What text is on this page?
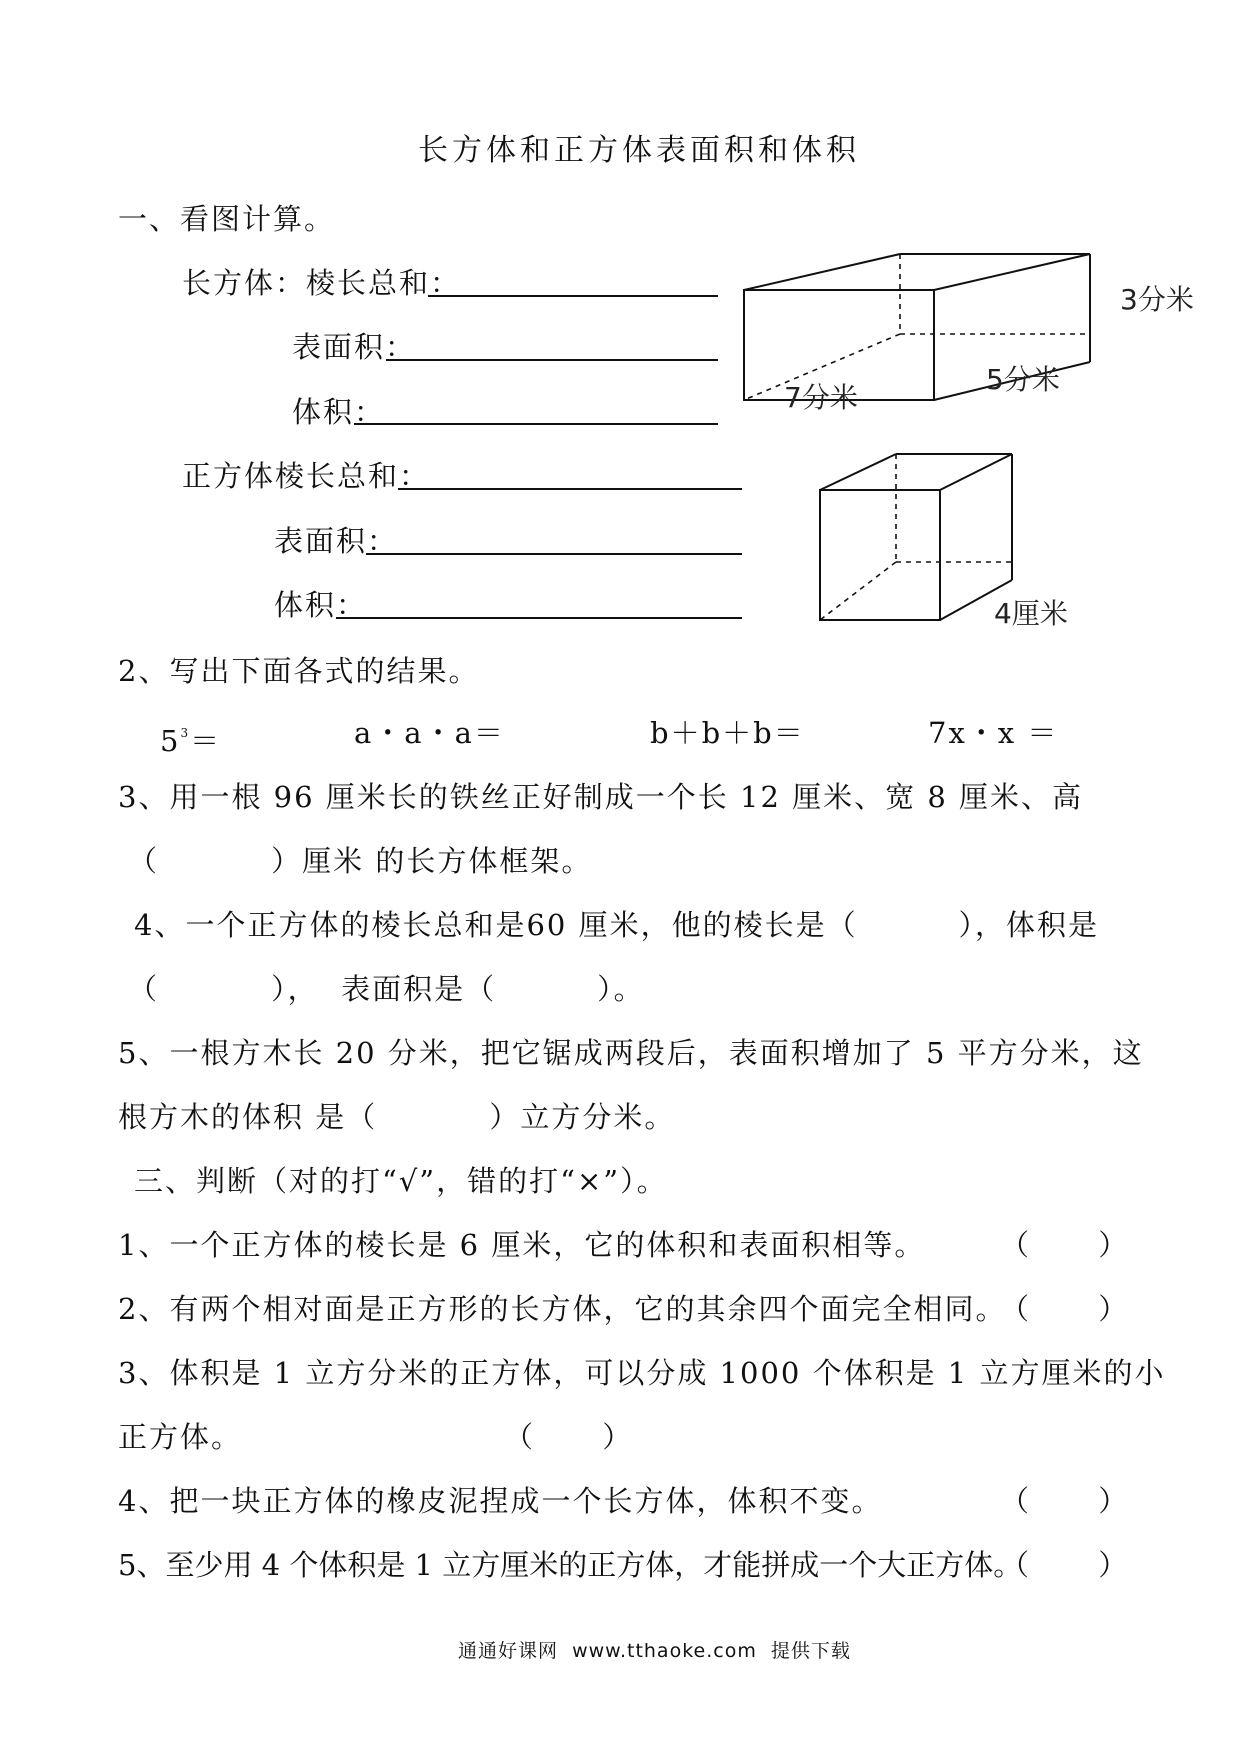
长方体和正方体表面积和体积
一、看图计算。
长方体：棱长总和：
表面积：
体积：
3分米
5分米
7分米
正方体棱长总和：
表面积：
体积：	4厘米
2、写出下面各式的结果。
$5^3=$	a・a・a＝	b＋b＋b＝	7x・x ＝
3、用一根 96 厘米长的铁丝正好制成一个长 12 厘米、宽 8 厘米、高
（          ）厘米 的长方体框架。
4、一个正方体的棱长总和是60 厘米，他的棱长是（         ），体积是
（          ），  表面积是（         ）。
5、一根方木长 20 分米，把它锯成两段后，表面积增加了 5 平方分米，这
根方木的体积 是（          ）立方分米。
三、判断（对的打“√”，错的打“×”）。
1、一个正方体的棱长是 6 厘米，它的体积和表面积相等。	（      ）
2、有两个相对面是正方形的长方体，它的其余四个面完全相同。
（      ）
3、体积是 1 立方分米的正方体，可以分成 1000 个体积是 1 立方厘米的小
正方体。	（      ）
4、把一块正方体的橡皮泥捏成一个长方体，体积不变。	（      ）
5、至少用 4 个体积是 1 立方厘米的正方体，才能拼成一个大正方体。
（      ）
通通好课网  www.tthaoke.com  提供下载
